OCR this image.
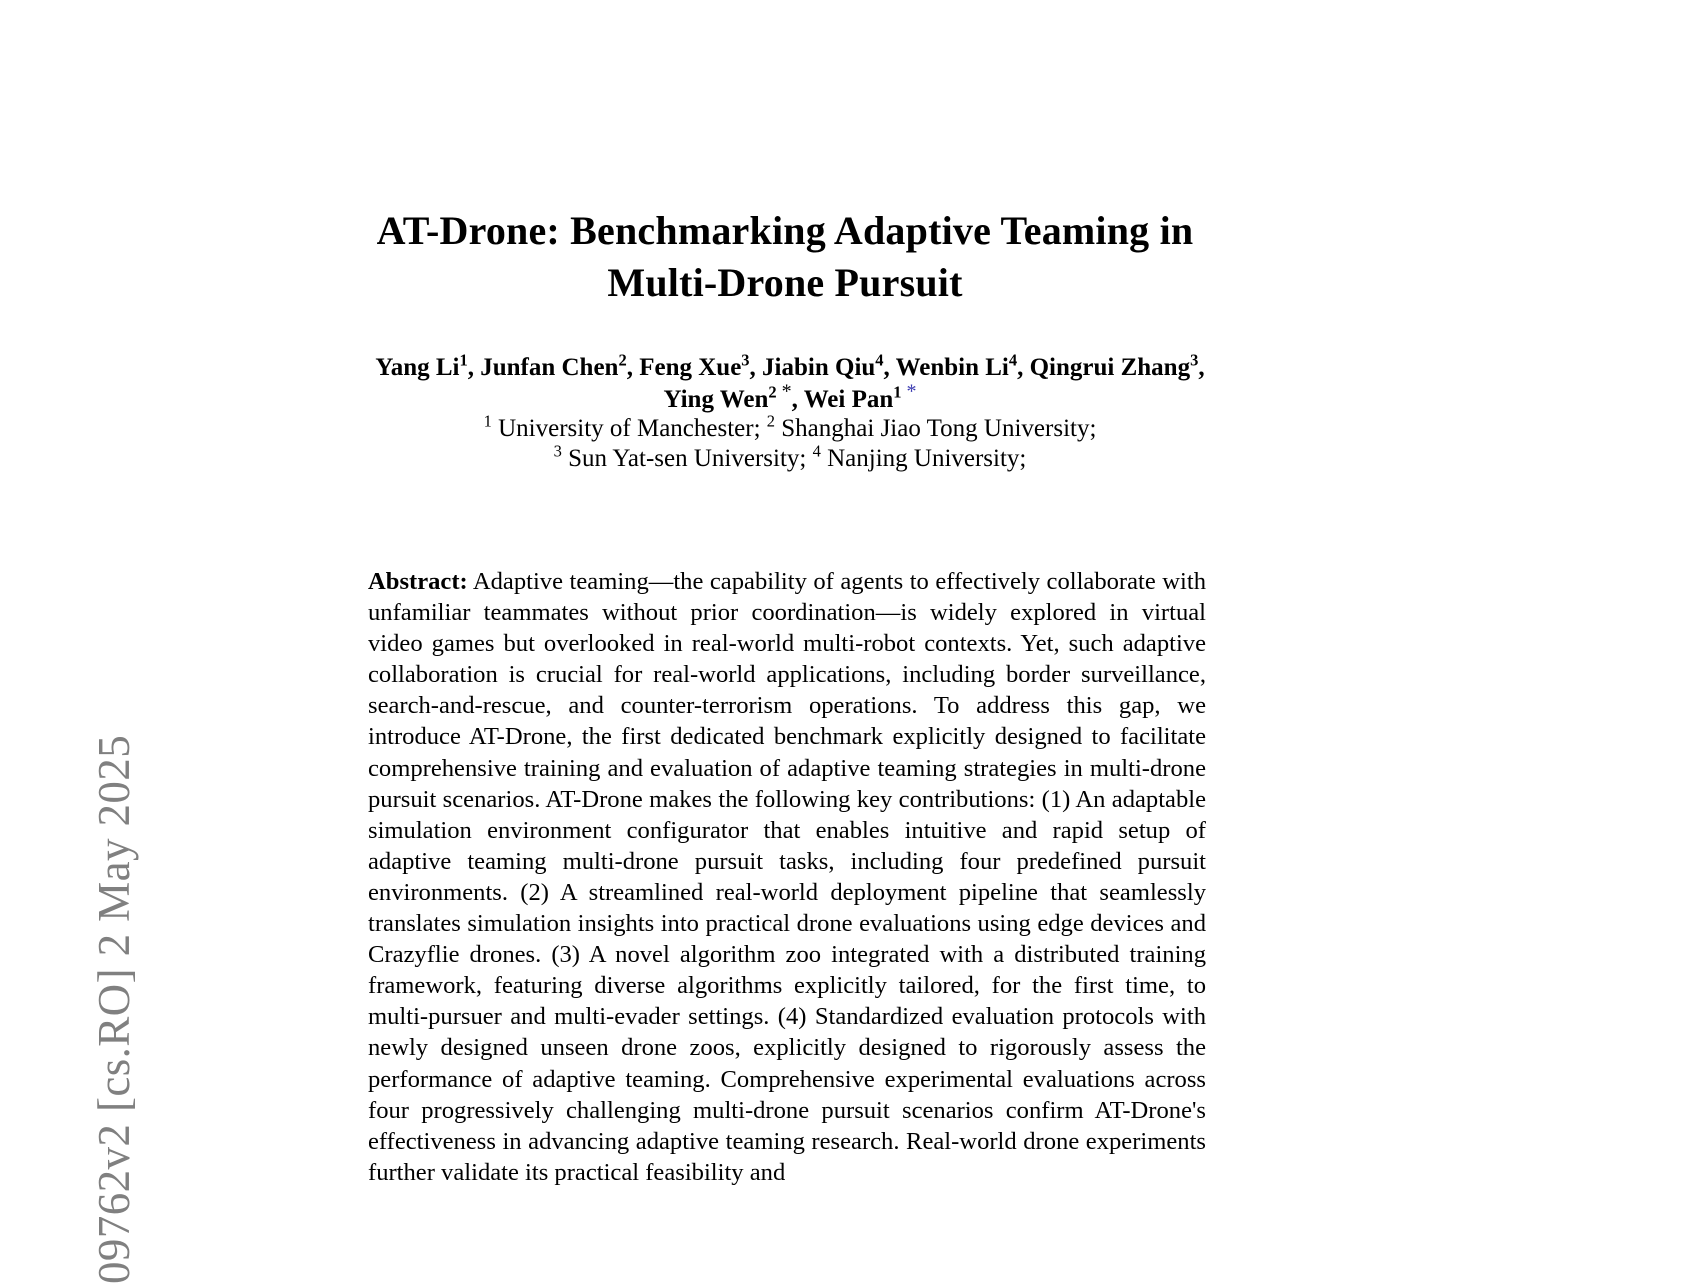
09762v2 [cs.RO] 2 May 2025
AT-Drone: Benchmarking Adaptive Teaming in
Multi-Drone Pursuit
Yang Li$^1$, Junfan Chen$^2$, Feng Xue$^3$, Jiabin Qiu$^4$, Wenbin Li$^4$, Qingrui Zhang$^3$,
Ying Wen$^2$ *, Wei Pan$^1$ *
$^1$ University of Manchester; $^2$ Shanghai Jiao Tong University;
$^3$ Sun Yat-sen University; $^4$ Nanjing University;
Abstract: Adaptive teaming—the capability of agents to effectively collaborate with unfamiliar teammates without prior coordination—is widely explored in virtual video games but overlooked in real-world multi-robot contexts. Yet, such adaptive collaboration is crucial for real-world applications, including border surveillance, search-and-rescue, and counter-terrorism operations. To address this gap, we introduce AT-Drone, the first dedicated benchmark explicitly designed to facilitate comprehensive training and evaluation of adaptive teaming strategies in multi-drone pursuit scenarios. AT-Drone makes the following key contributions: (1) An adaptable simulation environment configurator that enables intuitive and rapid setup of adaptive teaming multi-drone pursuit tasks, including four predefined pursuit environments. (2) A streamlined real-world deployment pipeline that seamlessly translates simulation insights into practical drone evaluations using edge devices and Crazyflie drones. (3) A novel algorithm zoo integrated with a distributed training framework, featuring diverse algorithms explicitly tailored, for the first time, to multi-pursuer and multi-evader settings. (4) Standardized evaluation protocols with newly designed unseen drone zoos, explicitly designed to rigorously assess the performance of adaptive teaming. Comprehensive experimental evaluations across four progressively challenging multi-drone pursuit scenarios confirm AT-Drone's effectiveness in advancing adaptive teaming research. Real-world drone experiments further validate its practical feasibility and
